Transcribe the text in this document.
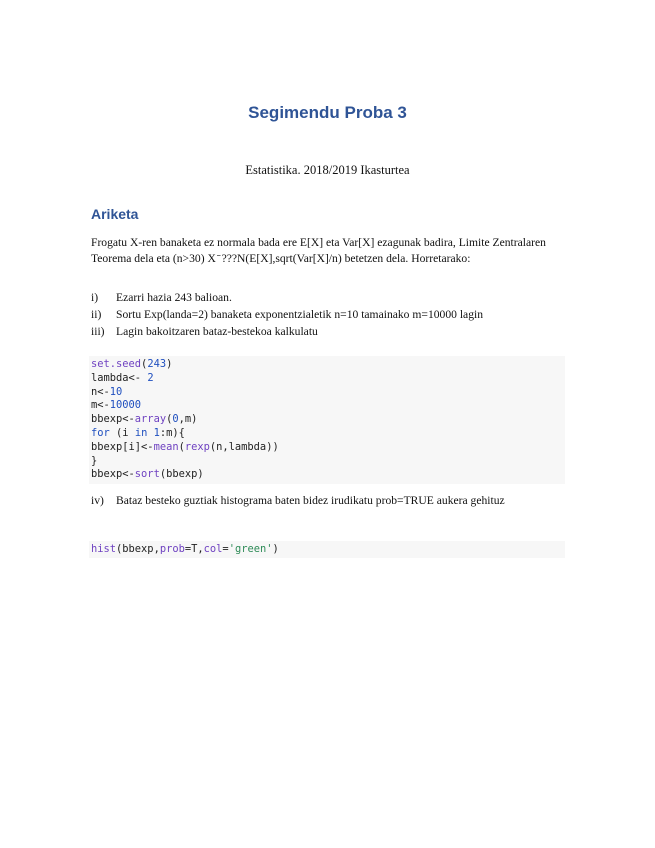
Segimendu Proba 3
Estatistika. 2018/2019 Ikasturtea
Ariketa
Frogatu X-ren banaketa ez normala bada ere E[X] eta Var[X] ezagunak badira, Limite Zentralaren Teorema dela eta (n>30) X ̄ ???N(E[X],sqrt(Var[X]/n) betetzen dela. Horretarako:
i) Ezarri hazia 243 balioan.
ii) Sortu Exp(landa=2) banaketa exponentzialetik n=10 tamainako m=10000 lagin
iii) Lagin bakoitzaren bataz-bestekoa kalkulatu
set.seed(243)
lambda<- 2
n<-10
m<-10000
bbexp<-array(0,m)
for (i in 1:m){
bbexp[i]<-mean(rexp(n,lambda))
}
bbexp<-sort(bbexp)
iv) Bataz besteko guztiak histograma baten bidez irudikatu prob=TRUE aukera gehituz
hist(bbexp,prob=T,col='green')
